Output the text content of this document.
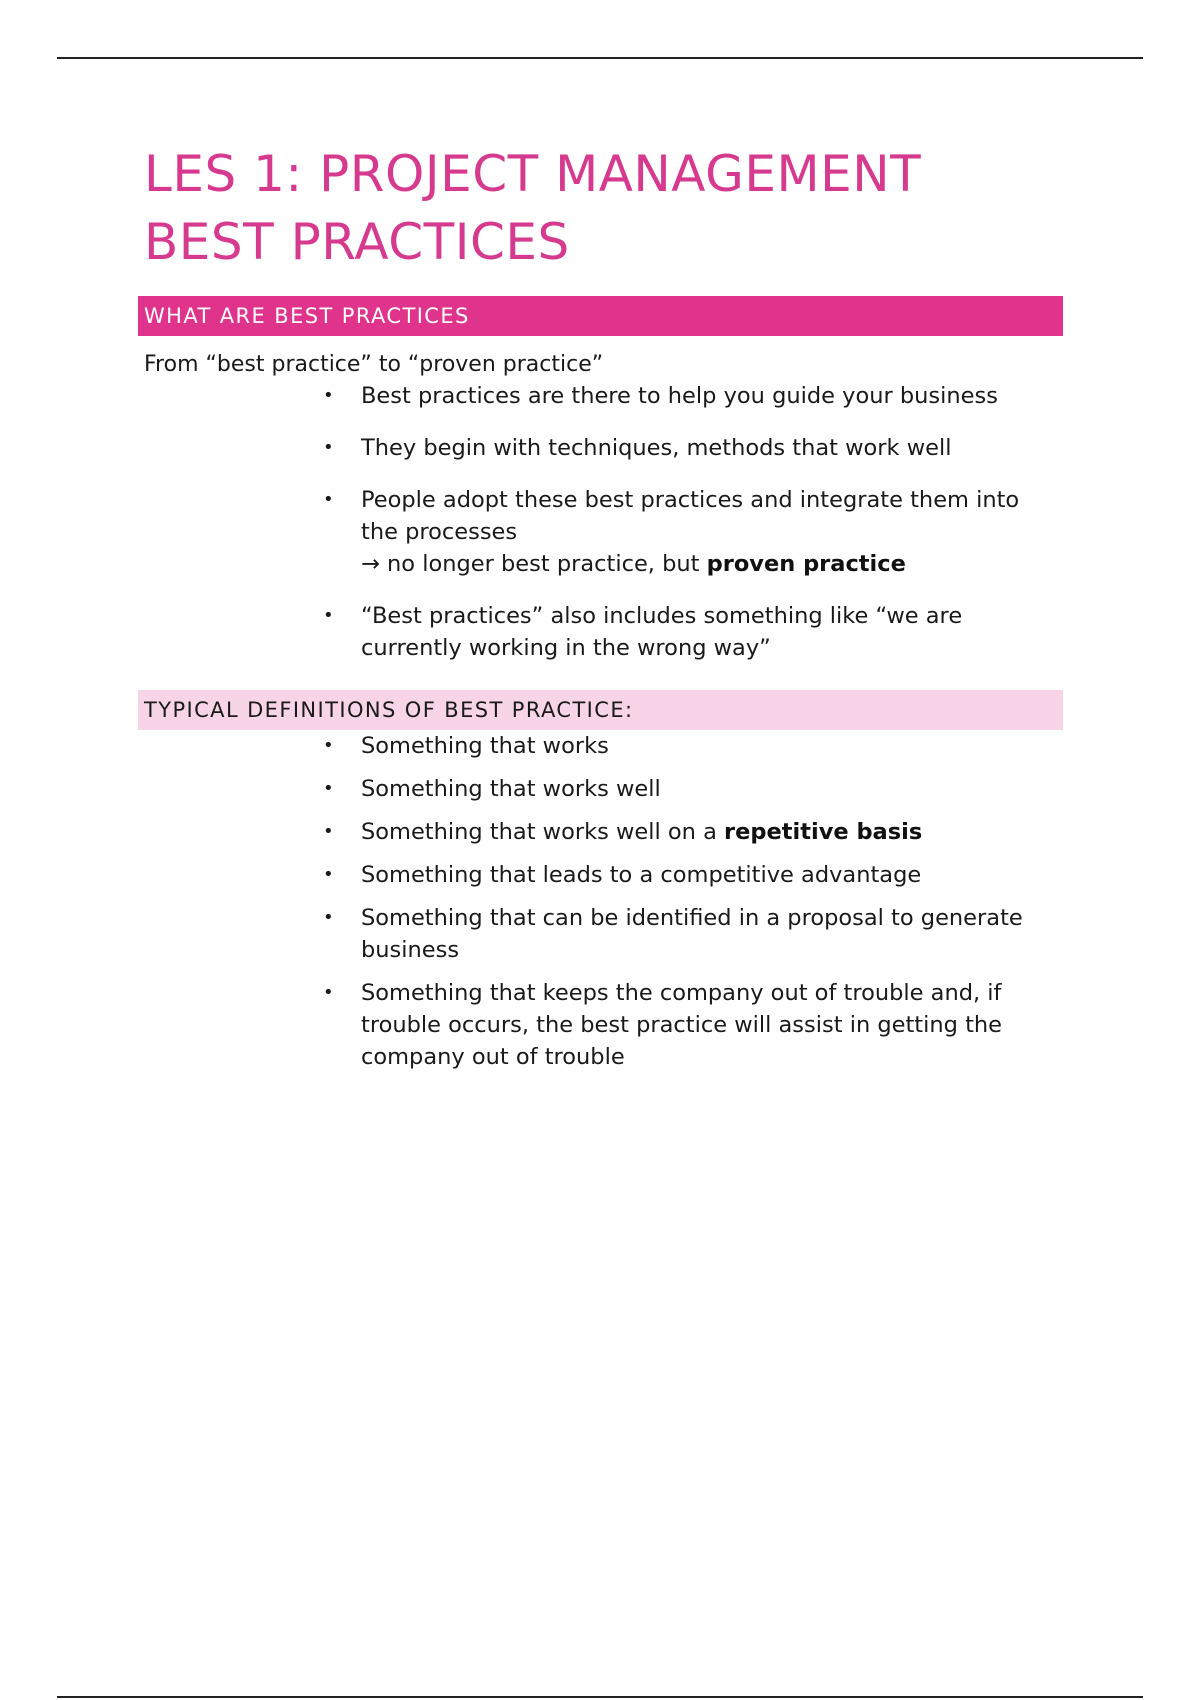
LES 1: PROJECT MANAGEMENT
BEST PRACTICES
WHAT ARE BEST PRACTICES

From “best practice” to “proven practice”

• Best practices are there to help you guide your business
• They begin with techniques, methods that work well
• People adopt these best practices and integrate them into the processes
→ no longer best practice, but proven practice
• “Best practices” also includes something like “we are currently working in the wrong way”
TYPICAL DEFINITIONS OF BEST PRACTICE:
• Something that works
• Something that works well
• Something that works well on a repetitive basis
• Something that leads to a competitive advantage
• Something that can be identified in a proposal to generate business
• Something that keeps the company out of trouble and, if trouble occurs, the best practice will assist in getting the company out of trouble
